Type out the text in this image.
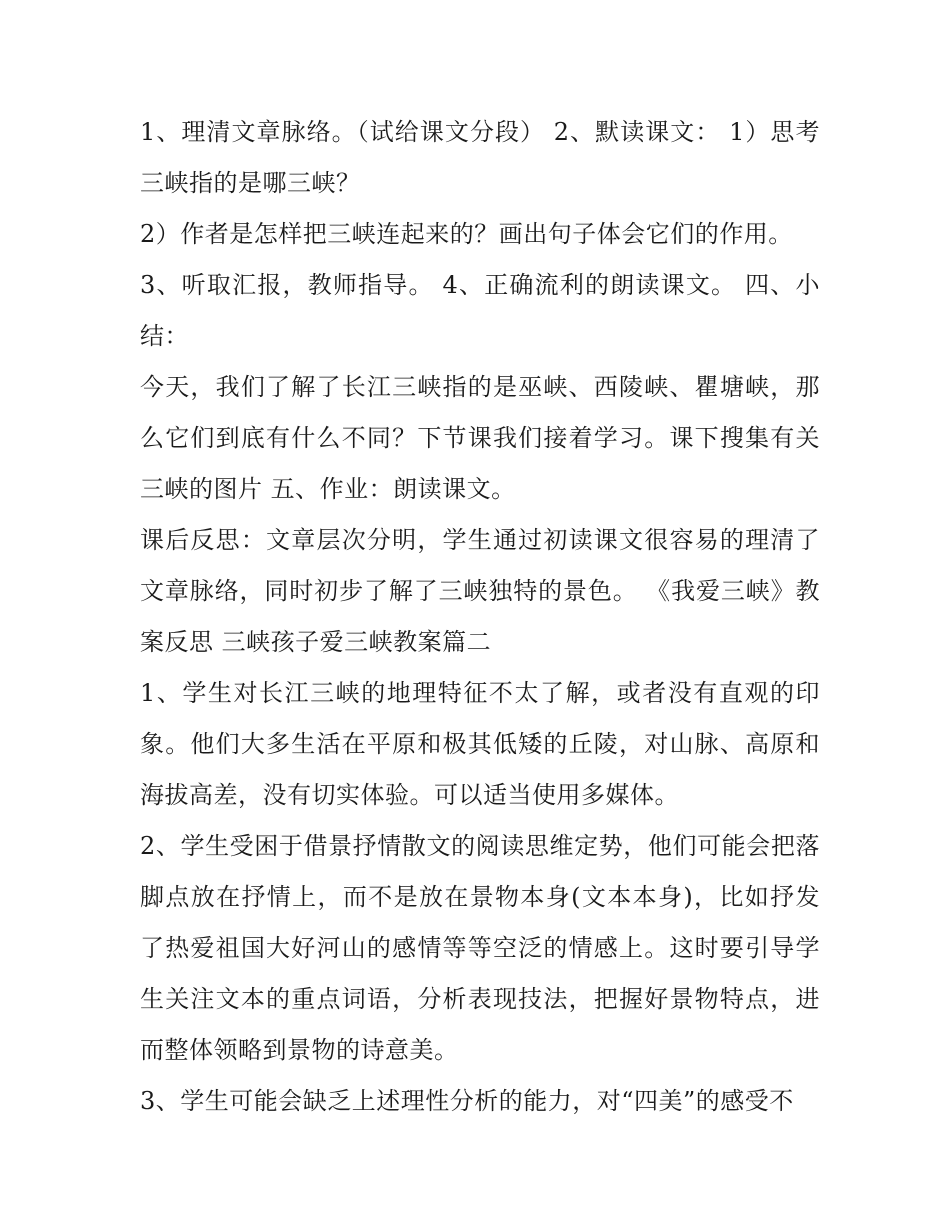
1、理清文章脉络。（试给课文分段） 2、默读课文： 1）思考三峡指的是哪三峡？

2）作者是怎样把三峡连起来的？画出句子体会它们的作用。

3、听取汇报，教师指导。 4、正确流利的朗读课文。 四、小结：

今天，我们了解了长江三峡指的是巫峡、西陵峡、瞿塘峡，那么它们到底有什么不同？下节课我们接着学习。课下搜集有关三峡的图片 五、作业：朗读课文。

课后反思：文章层次分明，学生通过初读课文很容易的理清了文章脉络，同时初步了解了三峡独特的景色。 《我爱三峡》教案反思 三峡孩子爱三峡教案篇二

1、学生对长江三峡的地理特征不太了解，或者没有直观的印象。他们大多生活在平原和极其低矮的丘陵，对山脉、高原和海拔高差，没有切实体验。可以适当使用多媒体。

2、学生受困于借景抒情散文的阅读思维定势，他们可能会把落脚点放在抒情上，而不是放在景物本身(文本本身)，比如抒发了热爱祖国大好河山的感情等等空泛的情感上。这时要引导学生关注文本的重点词语，分析表现技法，把握好景物特点，进而整体领略到景物的诗意美。

3、学生可能会缺乏上述理性分析的能力，对“四美”的感受不
